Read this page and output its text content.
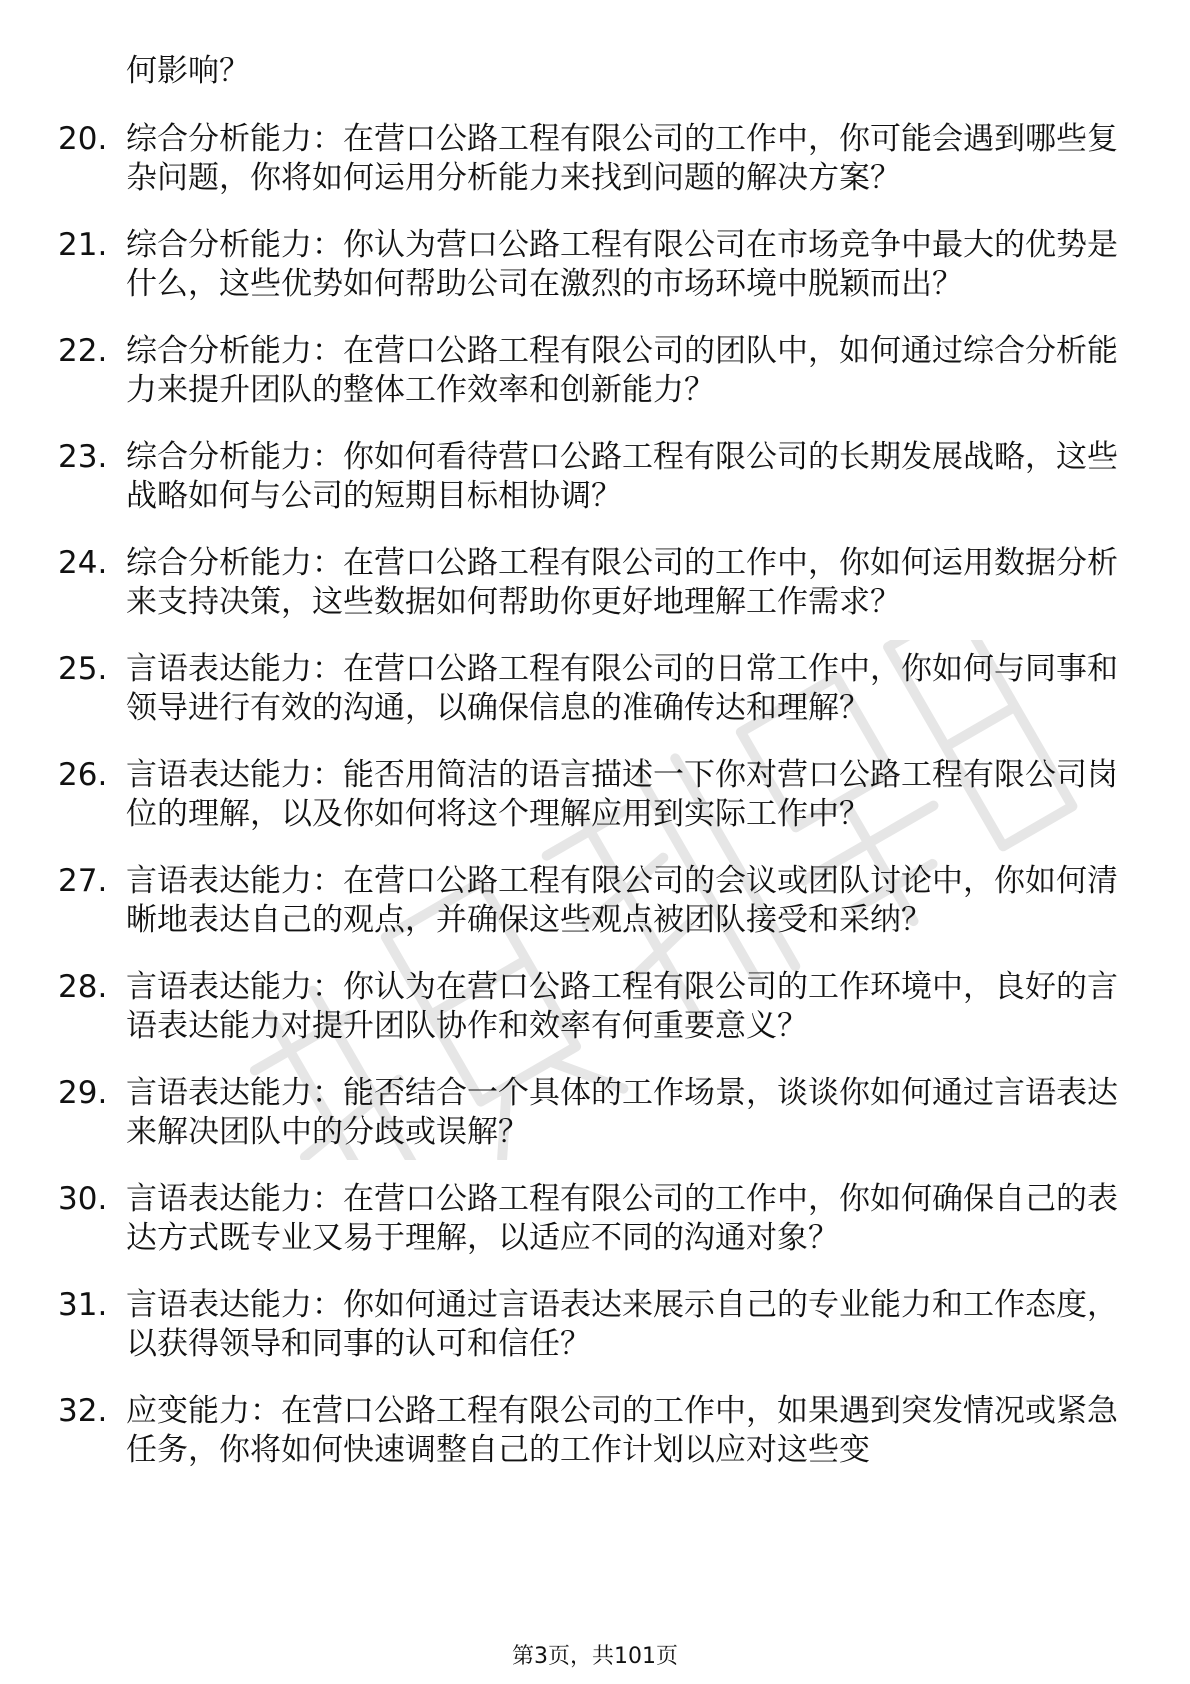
何影响？
20. 综合分析能力：在营口公路工程有限公司的工作中，你可能会遇到哪些复杂问题，你将如何运用分析能力来找到问题的解决方案？
21. 综合分析能力：你认为营口公路工程有限公司在市场竞争中最大的优势是什么，这些优势如何帮助公司在激烈的市场环境中脱颖而出？
22. 综合分析能力：在营口公路工程有限公司的团队中，如何通过综合分析能力来提升团队的整体工作效率和创新能力？
23. 综合分析能力：你如何看待营口公路工程有限公司的长期发展战略，这些战略如何与公司的短期目标相协调？
24. 综合分析能力：在营口公路工程有限公司的工作中，你如何运用数据分析来支持决策，这些数据如何帮助你更好地理解工作需求？
25. 言语表达能力：在营口公路工程有限公司的日常工作中，你如何与同事和领导进行有效的沟通，以确保信息的准确传达和理解？
26. 言语表达能力：能否用简洁的语言描述一下你对营口公路工程有限公司岗位的理解，以及你如何将这个理解应用到实际工作中？
27. 言语表达能力：在营口公路工程有限公司的会议或团队讨论中，你如何清晰地表达自己的观点，并确保这些观点被团队接受和采纳？
28. 言语表达能力：你认为在营口公路工程有限公司的工作环境中，良好的言语表达能力对提升团队协作和效率有何重要意义？
29. 言语表达能力：能否结合一个具体的工作场景，谈谈你如何通过言语表达来解决团队中的分歧或误解？
30. 言语表达能力：在营口公路工程有限公司的工作中，你如何确保自己的表达方式既专业又易于理解，以适应不同的沟通对象？
31. 言语表达能力：你如何通过言语表达来展示自己的专业能力和工作态度，以获得领导和同事的认可和信任？
32. 应变能力：在营口公路工程有限公司的工作中，如果遇到突发情况或紧急任务，你将如何快速调整自己的工作计划以应对这些变
第3页，共101页
